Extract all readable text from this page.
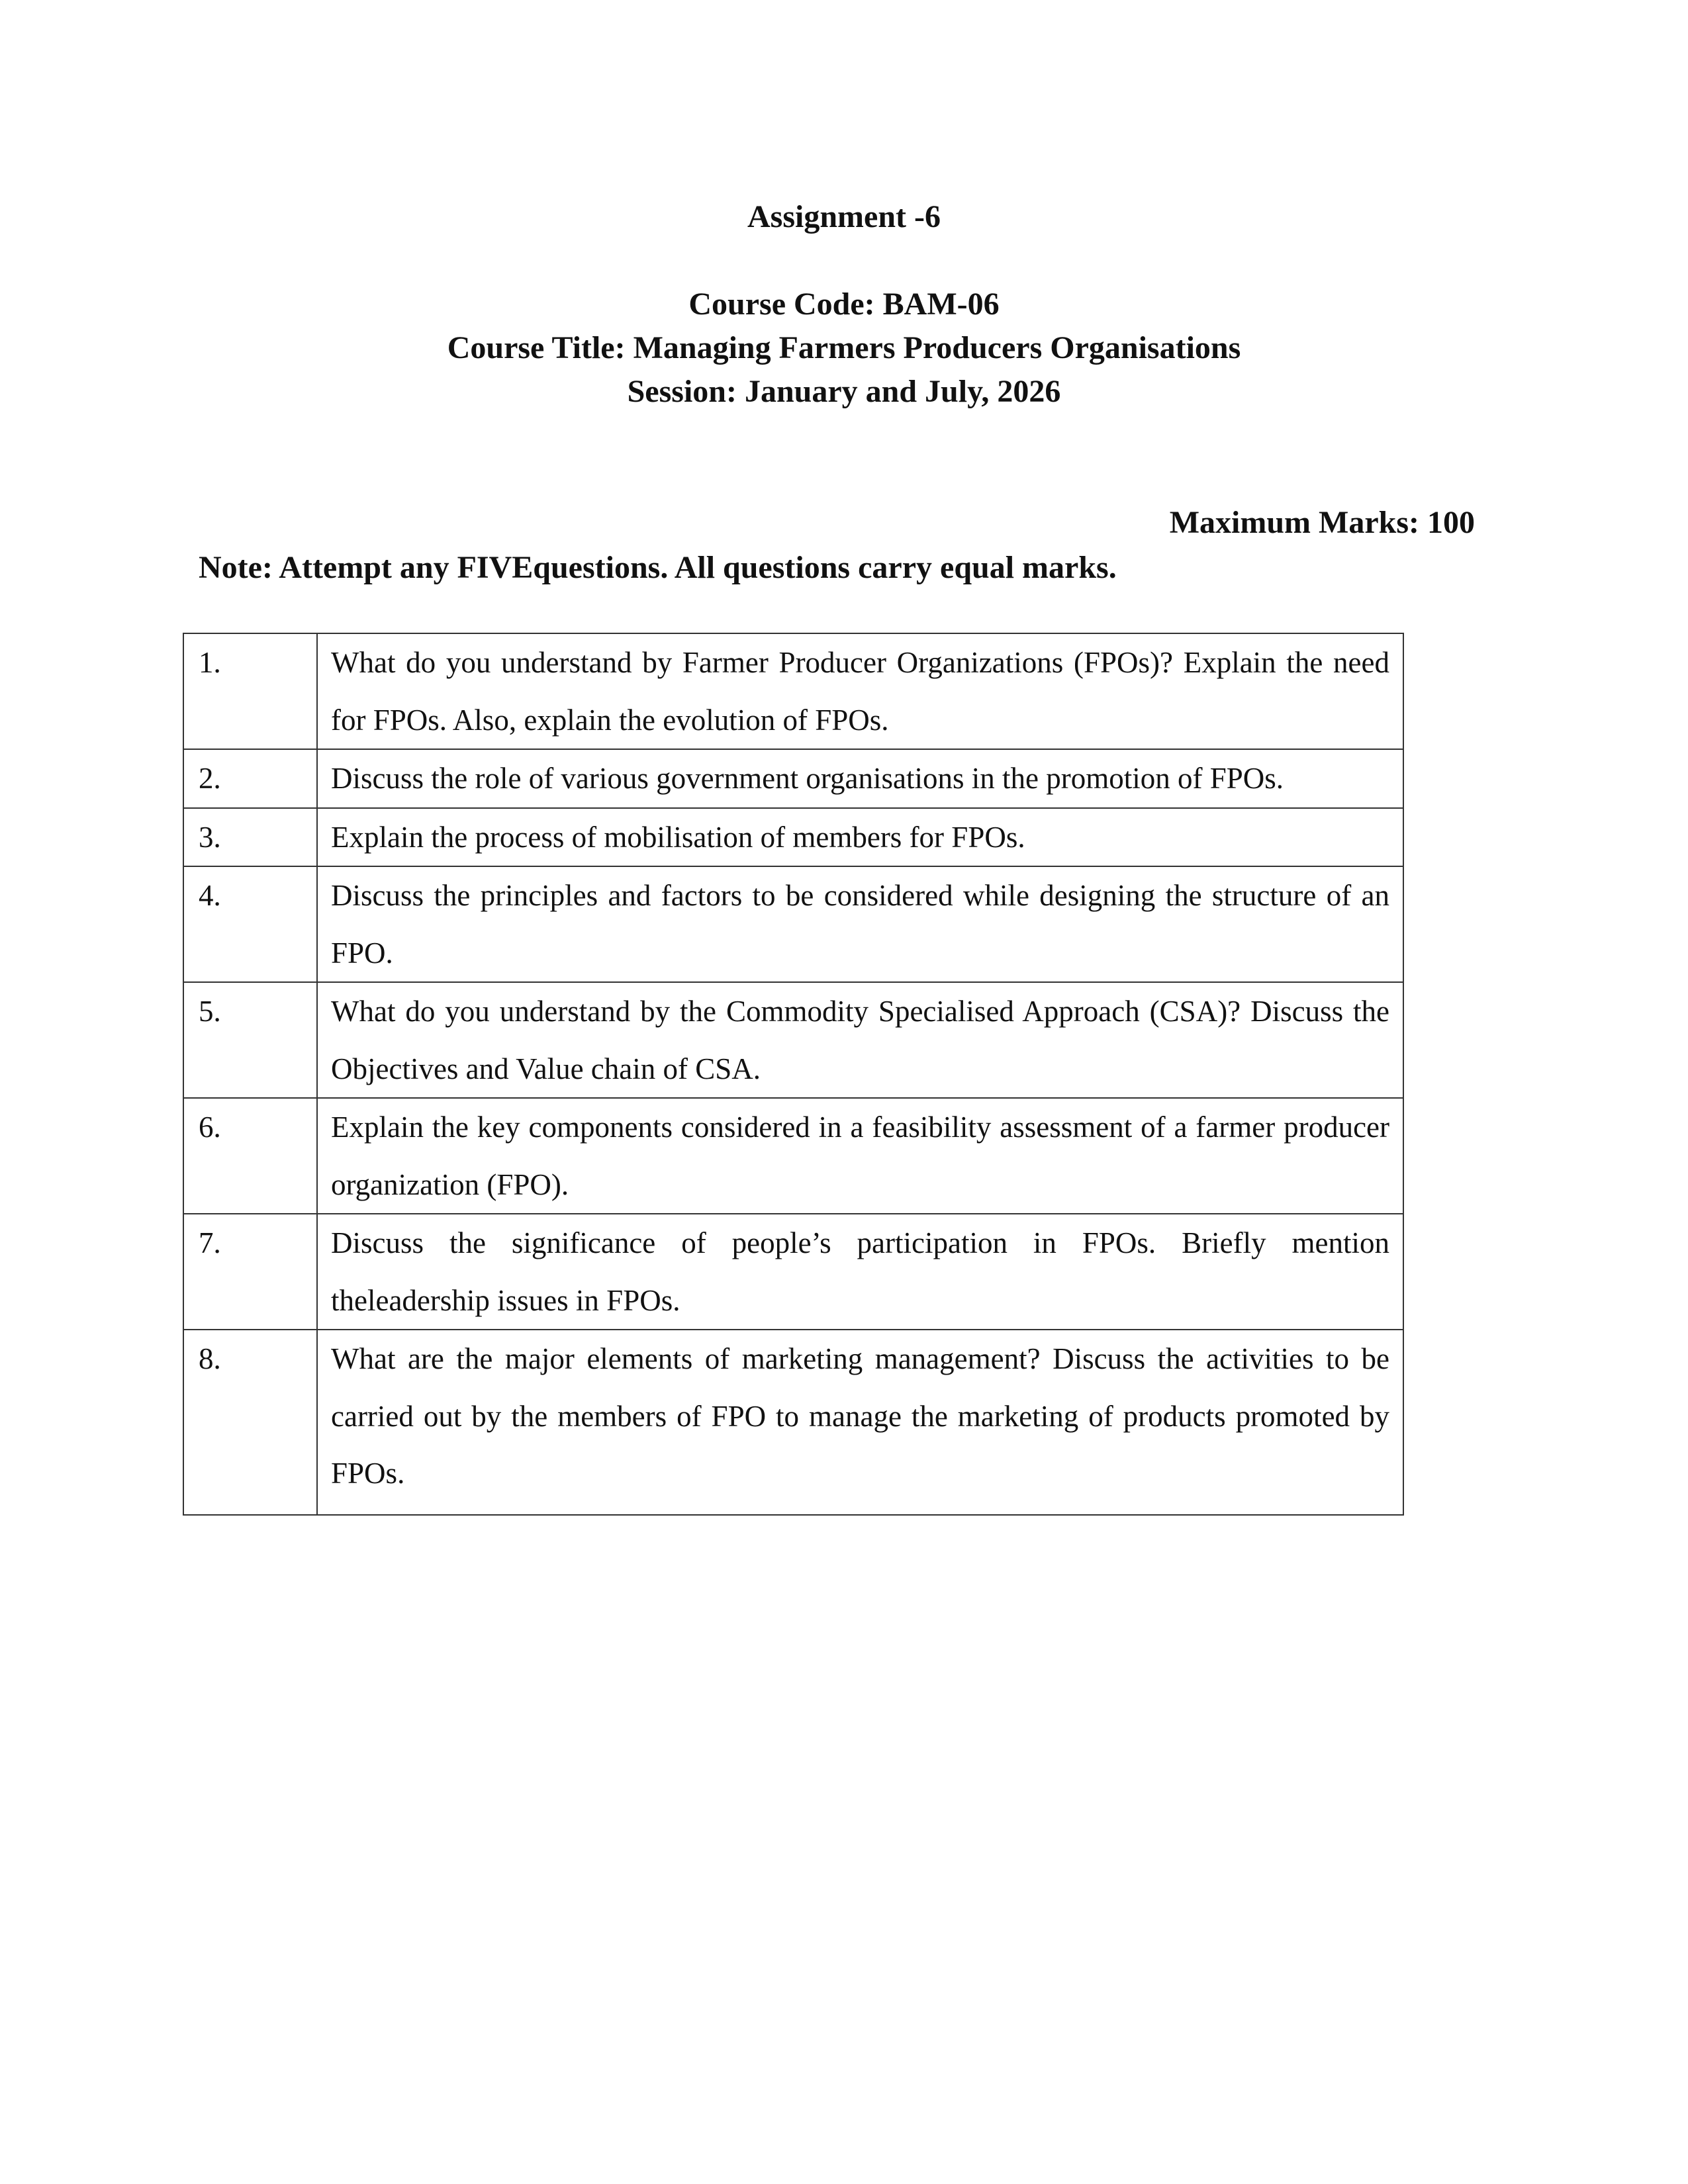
Assignment -6
Course Code: BAM-06
Course Title: Managing Farmers Producers Organisations
Session: January and July, 2026
Maximum Marks: 100
Note: Attempt any FIVEquestions. All questions carry equal marks.
1.	What do you understand by Farmer Producer Organizations (FPOs)? Explain the need for FPOs. Also, explain the evolution of FPOs.
2.	Discuss the role of various government organisations in the promotion of FPOs.
3.	Explain the process of mobilisation of members for FPOs.
4.	Discuss the principles and factors to be considered while designing the structure of an FPO.
5.	What do you understand by the Commodity Specialised Approach (CSA)? Discuss the Objectives and Value chain of CSA.
6.	Explain the key components considered in a feasibility assessment of a farmer producer organization (FPO).
7.	Discuss the significance of people’s participation in FPOs. Briefly mention theleadership issues in FPOs.
8.	What are the major elements of marketing management? Discuss the activities to be carried out by the members of FPO to manage the marketing of products promoted by FPOs.
